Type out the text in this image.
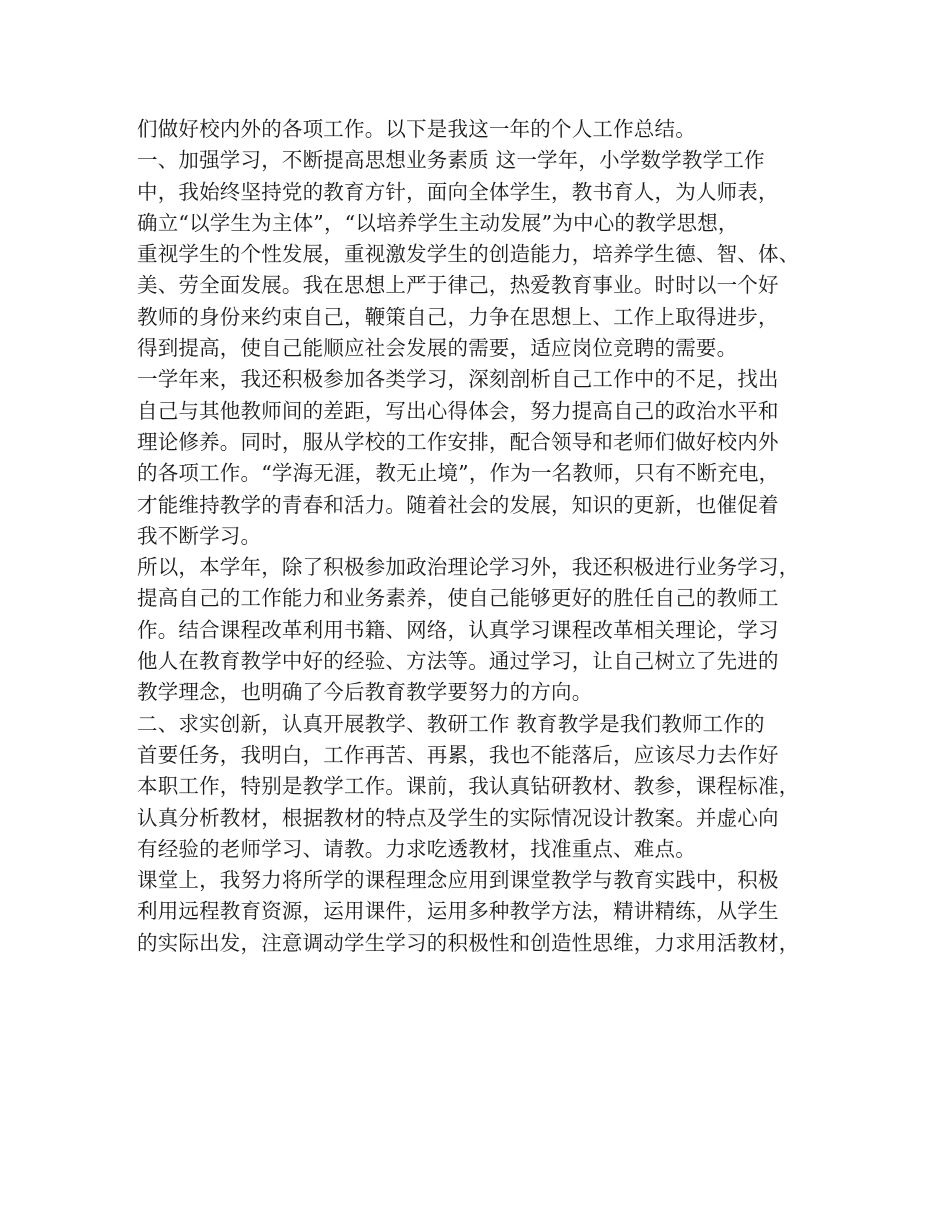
们做好校内外的各项工作。以下是我这一年的个人工作总结。
一、加强学习，不断提高思想业务素质 这一学年，小学数学教学工作
中，我始终坚持党的教育方针，面向全体学生，教书育人，为人师表，
确立“以学生为主体”，“以培养学生主动发展”为中心的教学思想，
重视学生的个性发展，重视激发学生的创造能力，培养学生德、智、体、
美、劳全面发展。我在思想上严于律己，热爱教育事业。时时以一个好
教师的身份来约束自己，鞭策自己，力争在思想上、工作上取得进步，
得到提高，使自己能顺应社会发展的需要，适应岗位竞聘的需要。
一学年来，我还积极参加各类学习，深刻剖析自己工作中的不足，找出
自己与其他教师间的差距，写出心得体会，努力提高自己的政治水平和
理论修养。同时，服从学校的工作安排，配合领导和老师们做好校内外
的各项工作。“学海无涯，教无止境”，作为一名教师，只有不断充电，
才能维持教学的青春和活力。随着社会的发展，知识的更新，也催促着
我不断学习。
所以，本学年，除了积极参加政治理论学习外，我还积极进行业务学习，
提高自己的工作能力和业务素养，使自己能够更好的胜任自己的教师工
作。结合课程改革利用书籍、网络，认真学习课程改革相关理论，学习
他人在教育教学中好的经验、方法等。通过学习，让自己树立了先进的
教学理念，也明确了今后教育教学要努力的方向。
二、求实创新，认真开展教学、教研工作 教育教学是我们教师工作的
首要任务，我明白，工作再苦、再累，我也不能落后，应该尽力去作好
本职工作，特别是教学工作。课前，我认真钻研教材、教参，课程标准，
认真分析教材，根据教材的特点及学生的实际情况设计教案。并虚心向
有经验的老师学习、请教。力求吃透教材，找准重点、难点。
课堂上，我努力将所学的课程理念应用到课堂教学与教育实践中，积极
利用远程教育资源，运用课件，运用多种教学方法，精讲精练，从学生
的实际出发，注意调动学生学习的积极性和创造性思维，力求用活教材，
